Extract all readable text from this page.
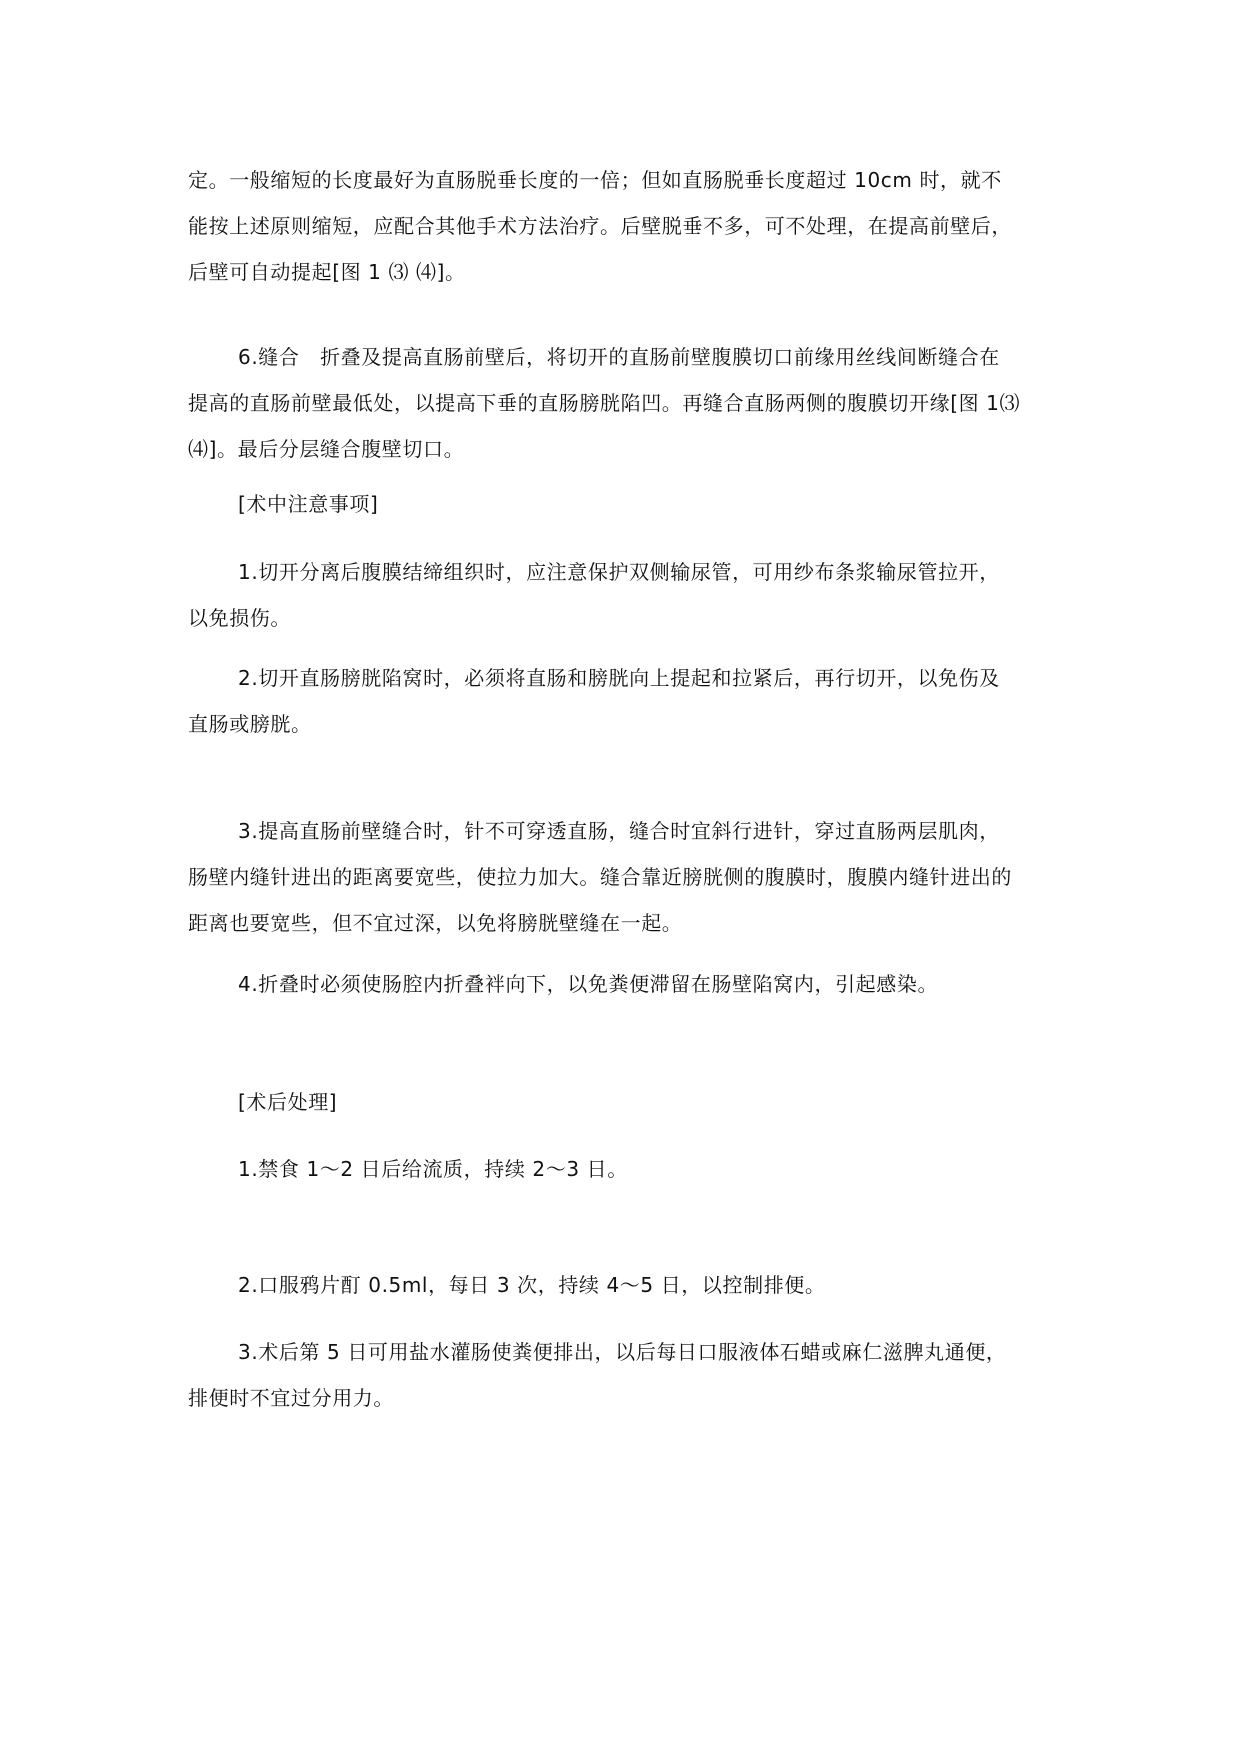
定。一般缩短的长度最好为直肠脱垂长度的一倍；但如直肠脱垂长度超过 10cm 时，就不
能按上述原则缩短，应配合其他手术方法治疗。后壁脱垂不多，可不处理，在提高前壁后，
后壁可自动提起[图 1 ⑶ ⑷]。

6.缝合　折叠及提高直肠前壁后，将切开的直肠前壁腹膜切口前缘用丝线间断缝合在
提高的直肠前壁最低处，以提高下垂的直肠膀胱陷凹。再缝合直肠两侧的腹膜切开缘[图 1⑶
⑷]。最后分层缝合腹壁切口。

[术中注意事项]

1.切开分离后腹膜结缔组织时，应注意保护双侧输尿管，可用纱布条浆输尿管拉开，
以免损伤。

2.切开直肠膀胱陷窝时，必须将直肠和膀胱向上提起和拉紧后，再行切开，以免伤及
直肠或膀胱。

3.提高直肠前壁缝合时，针不可穿透直肠，缝合时宜斜行进针，穿过直肠两层肌肉，
肠壁内缝针进出的距离要宽些，使拉力加大。缝合靠近膀胱侧的腹膜时，腹膜内缝针进出的
距离也要宽些，但不宜过深，以免将膀胱壁缝在一起。

4.折叠时必须使肠腔内折叠袢向下，以免粪便滞留在肠壁陷窝内，引起感染。

[术后处理]

1.禁食 1～2 日后给流质，持续 2～3 日。

2.口服鸦片酊 0.5ml，每日 3 次，持续 4～5 日，以控制排便。

3.术后第 5 日可用盐水灌肠使粪便排出，以后每日口服液体石蜡或麻仁滋脾丸通便，
排便时不宜过分用力。
